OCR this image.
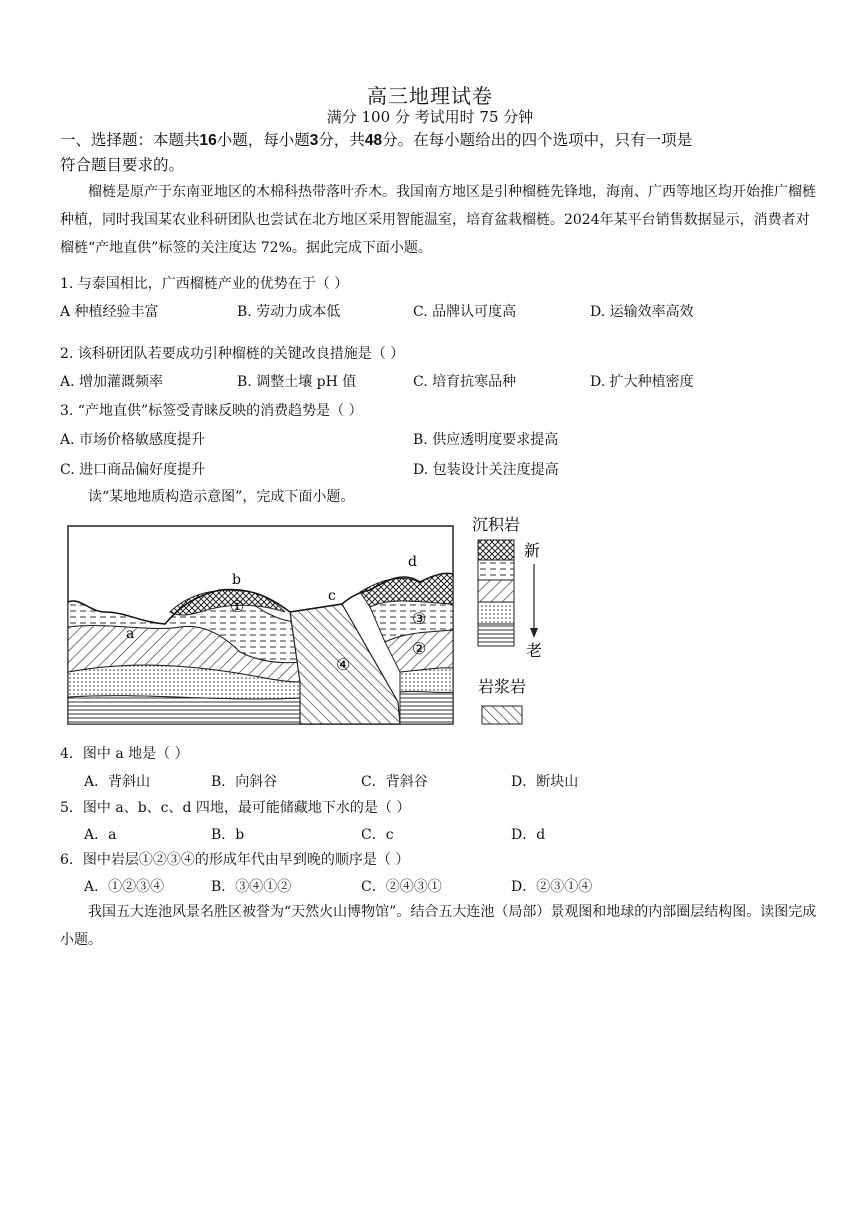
高三地理试卷
满分 100 分 考试用时 75 分钟
一、选择题：本题共16小题，每小题3分，共48分。在每小题给出的四个选项中，只有一项是
符合题目要求的。
榴梿是原产于东南亚地区的木棉科热带落叶乔木。我国南方地区是引种榴梿先锋地，海南、广西等地区均开始推广榴梿种植，同时我国某农业科研团队也尝试在北方地区采用智能温室，培育盆栽榴梿。2024年某平台销售数据显示，消费者对榴梿“产地直供”标签的关注度达 72%。据此完成下面小题。
1. 与泰国相比，广西榴梿产业的优势在于（ ）
A 种植经验丰富	B. 劳动力成本低	C. 品牌认可度高	D. 运输效率高效
2. 该科研团队若要成功引种榴梿的关键改良措施是（ ）
A. 增加灌溉频率	B. 调整土壤 pH 值	C. 培育抗寒品种	D. 扩大种植密度
3. “产地直供”标签受青睐反映的消费趋势是（ ）
A. 市场价格敏感度提升	B. 供应透明度要求提高
C. 进口商品偏好度提升	D. 包装设计关注度提高
读“某地地质构造示意图”，完成下面小题。
a
b
c
d
①
③
②
④
沉积岩
新
老
岩浆岩
4．图中 a 地是（ ）
A．背斜山	B．向斜谷	C．背斜谷	D．断块山
5．图中 a、b、c、d 四地，最可能储藏地下水的是（ ）
A．a	B．b	C．c	D．d
6．图中岩层①②③④的形成年代由早到晚的顺序是（ ）
A．①②③④	B．③④①②	C．②④③①	D．②③①④
我国五大连池风景名胜区被誉为“天然火山博物馆”。结合五大连池（局部）景观图和地球的内部圈层结构图。读图完成小题。
